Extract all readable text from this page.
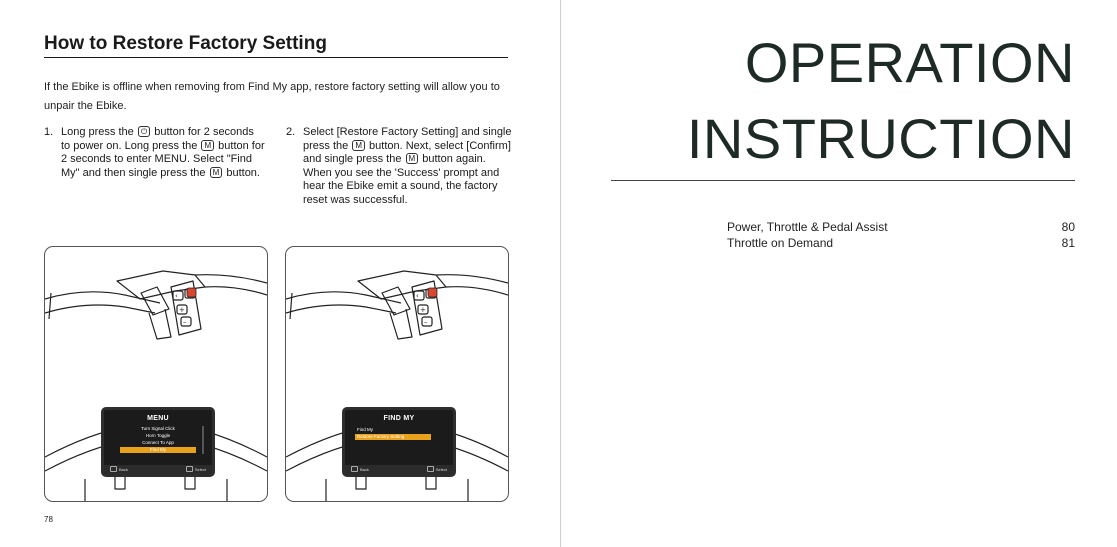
How to Restore Factory Setting
If the Ebike is offline when removing from Find My app, restore factory setting will allow you to unpair the Ebike.
1. Long press the ⏻ button for 2 seconds to power on. Long press the M button for 2 seconds to enter MENU. Select "Find My" and then single press the M button.
2. Select [Restore Factory Setting] and single press the M button. Next, select [Confirm] and single press the M button again. When you see the 'Success' prompt and hear the Ebike emit a sound, the factory reset was successful.
‹
+
–
MENU
Turn Signal Click
Horn Toggle
Connect To App
Find My
Back	Select
‹
+
–
FIND MY
Find My
Restore Factory Setting
Back	Select
78
OPERATION
INSTRUCTION
Power, Throttle & Pedal Assist	80
Throttle on Demand	81
